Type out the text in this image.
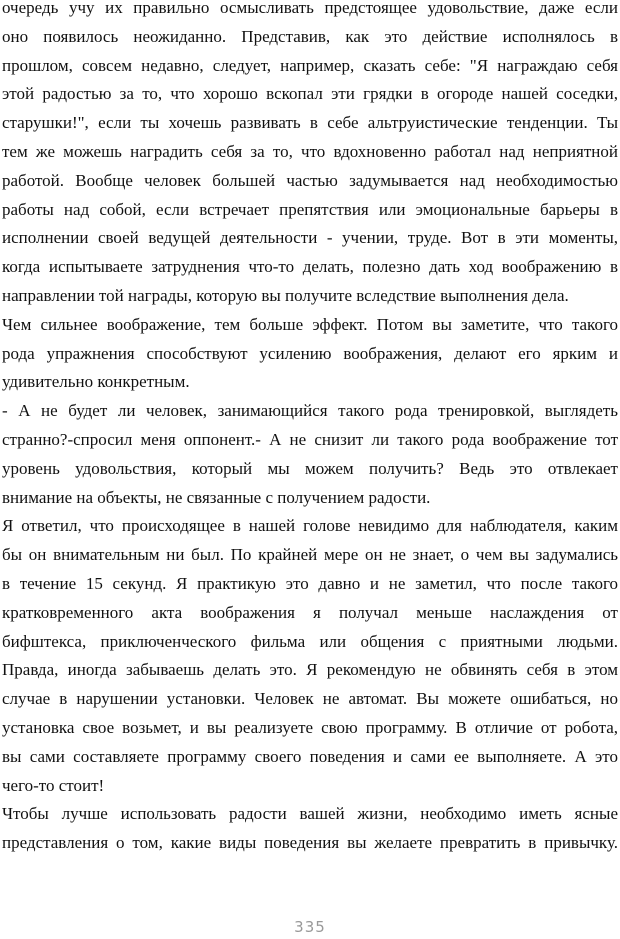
очередь учу их правильно осмысливать предстоящее удовольствие, даже если
оно появилось неожиданно. Представив, как это действие исполнялось в
прошлом, совсем недавно, следует, например, сказать себе: "Я награждаю себя
этой радостью за то, что хорошо вскопал эти грядки в огороде нашей соседки,
старушки!", если ты хочешь развивать в себе альтруистические тенденции. Ты
тем же можешь наградить себя за то, что вдохновенно работал над неприятной
работой. Вообще человек большей частью задумывается над необходимостью
работы над собой, если встречает препятствия или эмоциональные барьеры в
исполнении своей ведущей деятельности - учении, труде. Вот в эти моменты,
когда испытываете затруднения что-то делать, полезно дать ход воображению в
направлении той награды, которую вы получите вследствие выполнения дела.
Чем сильнее воображение, тем больше эффект. Потом вы заметите, что такого
рода упражнения способствуют усилению воображения, делают его ярким и
удивительно конкретным.
- А не будет ли человек, занимающийся такого рода тренировкой, выглядеть
странно?-спросил меня оппонент.- А не снизит ли такого рода воображение тот
уровень удовольствия, который мы можем получить? Ведь это отвлекает
внимание на объекты, не связанные с получением радости.
Я ответил, что происходящее в нашей голове невидимо для наблюдателя, каким
бы он внимательным ни был. По крайней мере он не знает, о чем вы задумались
в течение 15 секунд. Я практикую это давно и не заметил, что после такого
кратковременного акта воображения я получал меньше наслаждения от
бифштекса, приключенческого фильма или общения с приятными людьми.
Правда, иногда забываешь делать это. Я рекомендую не обвинять себя в этом
случае в нарушении установки. Человек не автомат. Вы можете ошибаться, но
установка свое возьмет, и вы реализуете свою программу. В отличие от робота,
вы сами составляете программу своего поведения и сами ее выполняете. А это
чего-то стоит!
Чтобы лучше использовать радости вашей жизни, необходимо иметь ясные
представления о том, какие виды поведения вы желаете превратить в привычку.
335
